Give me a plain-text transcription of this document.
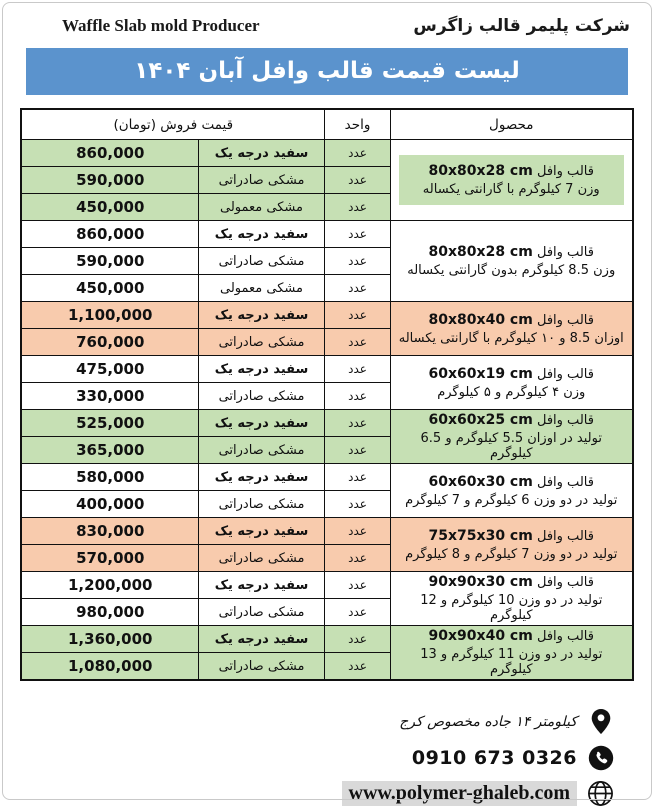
Waffle Slab mold Producer	شرکت پلیمر قالب زاگرس
لیست قیمت قالب وافل آبان ۱۴۰۴
محصول	واحد	قیمت فروش (تومان)	

قالب وافل 80x80x28 cm
وزن 7 کیلوگرم با گارانتی یکساله	عدد	سفید درجه یک	860,000
	عدد	مشکی صادراتی	590,000
	عدد	مشکی معمولی	450,000

قالب وافل 80x80x28 cm
وزن 8.5 کیلوگرم بدون گارانتی یکساله	عدد	سفید درجه یک	860,000
	عدد	مشکی صادراتی	590,000
	عدد	مشکی معمولی	450,000

قالب وافل 80x80x40 cm
اوزان 8.5 و ۱۰ کیلوگرم با گارانتی یکساله	عدد	سفید درجه یک	1,100,000
	عدد	مشکی صادراتی	760,000

قالب وافل 60x60x19 cm
وزن ۴ کیلوگرم و ۵ کیلوگرم	عدد	سفید درجه یک	475,000
	عدد	مشکی صادراتی	330,000

قالب وافل 60x60x25 cm
تولید در اوزان 5.5 کیلوگرم و 6.5 کیلوگرم	عدد	سفید درجه یک	525,000
	عدد	مشکی صادراتی	365,000

قالب وافل 60x60x30 cm
تولید در دو وزن 6 کیلوگرم و 7 کیلوگرم	عدد	سفید درجه یک	580,000
	عدد	مشکی صادراتی	400,000

قالب وافل 75x75x30 cm
تولید در دو وزن 7 کیلوگرم و 8 کیلوگرم	عدد	سفید درجه یک	830,000
	عدد	مشکی صادراتی	570,000

قالب وافل 90x90x30 cm
تولید در دو وزن 10 کیلوگرم و 12 کیلوگرم	عدد	سفید درجه یک	1,200,000
	عدد	مشکی صادراتی	980,000

قالب وافل 90x90x40 cm
تولید در دو وزن 11 کیلوگرم و 13 کیلوگرم	عدد	سفید درجه یک	1,360,000
	عدد	مشکی صادراتی	1,080,000
کیلومتر ۱۴ جاده مخصوص کرج
0910 673 0326
www.polymer-ghaleb.com
